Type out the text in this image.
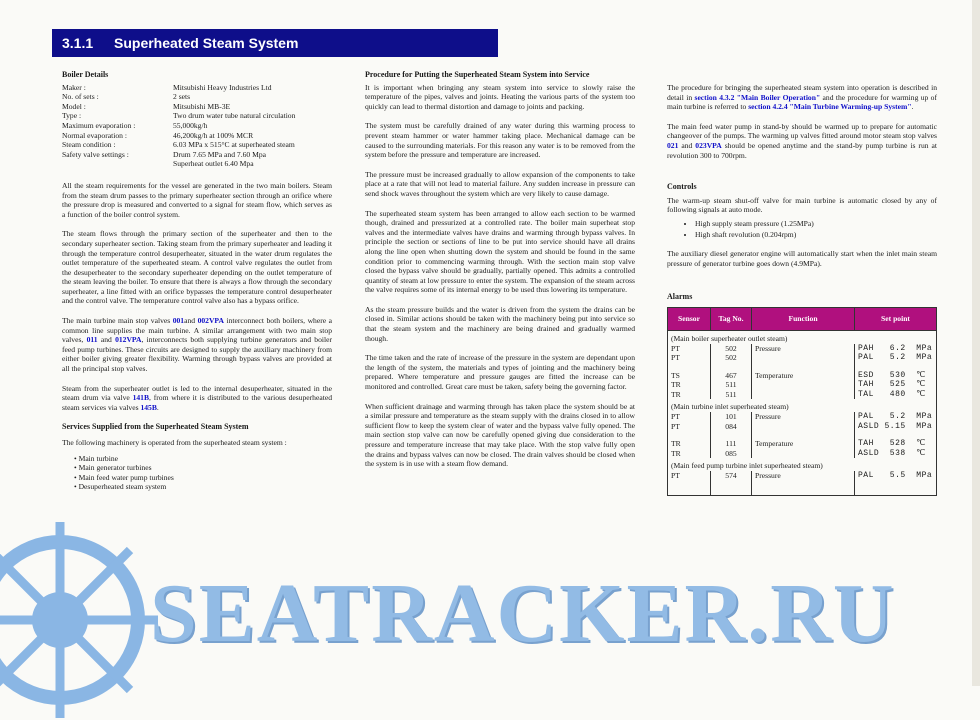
3.1.1 Superheated Steam System
Boiler Details
Maker :	Mitsubishi Heavy Industries Ltd
No. of sets :	2 sets
Model :	Mitsubishi MB-3E
Type :	Two drum water tube natural circulation
Maximum evaporation :	55,000kg/h
Normal evaporation :	46,200kg/h at 100% MCR
Steam condition :	6.03 MPa x 515°C at superheated steam
Safety valve settings :	Drum 7.65 MPa and 7.60 Mpa
Superheat outlet 6.40 Mpa

All the steam requirements for the vessel are generated in the two main boilers. Steam from the steam drum passes to the primary superheater section through an orifice where the pressure drop is measured and converted to a signal for steam flow, which serves as a function of the boiler control system.

The steam flows through the primary section of the superheater and then to the secondary superheater section. Taking steam from the primary superheater and leading it through the temperature control desuperheater, situated in the water drum regulates the outlet temperature of the superheated steam. A control valve regulates the outlet from the desuperheater to the secondary superheater depending on the outlet temperature of the steam leaving the boiler. To ensure that there is always a flow through the secondary superheater, a line fitted with an orifice bypasses the temperature control desuperheater and the control valve. The temperature control valve also has a bypass orifice.

The main turbine main stop valves 001and 002VPA interconnect both boilers, where a common line supplies the main turbine. A similar arrangement with two main stop valves, 011 and 012VPA, interconnects both supplying turbine generators and boiler feed pump turbines. These circuits are designed to supply the auxiliary machinery from either boiler giving greater flexibility. Warming through bypass valves are provided at all the principal stop valves.

Steam from the superheater outlet is led to the internal desuperheater, situated in the steam drum via valve 141B, from where it is distributed to the various desuperheated steam services via valves 145B.

Services Supplied from the Superheated Steam System
The following machinery is operated from the superheated steam system :
• Main turbine
• Main generator turbines
• Main feed water pump turbines
• Desuperheated steam system
Procedure for Putting the Superheated Steam System into Service

It is important when bringing any steam system into service to slowly raise the temperature of the pipes, valves and joints. Heating the various parts of the system too quickly can lead to thermal distortion and damage to joints and packing.

The system must be carefully drained of any water during this warming process to prevent steam hammer or water hammer taking place. Mechanical damage can be caused to the surrounding materials. For this reason any water is to be removed from the system before the pressure and temperature are increased.

The pressure must be increased gradually to allow expansion of the components to take place at a rate that will not lead to material failure. Any sudden increase in pressure can send shock waves throughout the system which are very likely to cause damage.

The superheated steam system has been arranged to allow each section to be warmed though, drained and pressurized at a controlled rate. The boiler main superheat stop valves and the intermediate valves have drains and warming through bypass valves. In principle the section or sections of line to be put into service should have all drains along the line open when shutting down the system and should be found in the same condition prior to commencing warming through. With the section main stop valve closed the bypass valve should be gradually, partially opened. This admits a controlled quantity of steam at low pressure to enter the system. The expansion of the steam across the valve requires some of its internal energy to be used thus lowering its temperature.

As the steam pressure builds and the water is driven from the system the drains can be closed in. Similar actions should be taken with the machinery being put into service so that the steam system and the machinery are being drained and gradually warmed though.

The time taken and the rate of increase of the pressure in the system are dependant upon the length of the system, the materials and types of jointing and the machinery being prepared. Where temperature and pressure gauges are fitted the increase can be monitored and controlled. Great care must be taken, safety being the governing factor.

When sufficient drainage and warming through has taken place the system should be at a similar pressure and temperature as the steam supply with the drains closed in to allow sufficient flow to keep the system clear of water and the bypass valve fully opened. The main section stop valve can now be carefully opened giving due consideration to the pressure and temperature increase that may take place. With the stop valve fully open the drains and bypass valves can now be closed. The drain valves should be closed when the system is in use with a steam flow demand.

The procedure for bringing the superheated steam system into operation is described in detail in section 4.3.2 "Main Boiler Operation" and the procedure for warming up of main turbine is referred to section 4.2.4 "Main Turbine Warming-up System".

The main feed water pump in stand-by should be warmed up to prepare for automatic changeover of the pumps. The warming up valves fitted around motor steam stop valves 021 and 023VPA should be opened anytime and the stand-by pump turbine is run at revolution 300 to 700rpm.

Controls
The warm-up steam shut-off valve for main turbine is automatic closed by any of following signals at auto mode.
• High supply steam pressure (1.25MPa)
• High shaft revolution (0.204rpm)

The auxiliary diesel generator engine will automatically start when the inlet main steam pressure of generator turbine goes down (4.9MPa).

Alarms
Sensor	Tag No.	Function	Set point
(Main boiler superheater outlet steam)			
PT	502	Pressure	PAH   6.2  MPa
PT	502		PAL   5.2  MPa

TS	467	Temperature	ESD   530  ℃
TR	511		TAH   525  ℃
TR	511		TAL   480  ℃
(Main turbine inlet superheated steam)			
PT	101	Pressure	PAL   5.2  MPa
PT	084		ASLD 5.15  MPa

TR	111	Temperature	TAH   528  ℃
TR	085		ASLD  538  ℃
(Main feed pump turbine inlet superheated steam)			
PT	574	Pressure	PAL   5.5  MPa

SEATRACKER.RU
